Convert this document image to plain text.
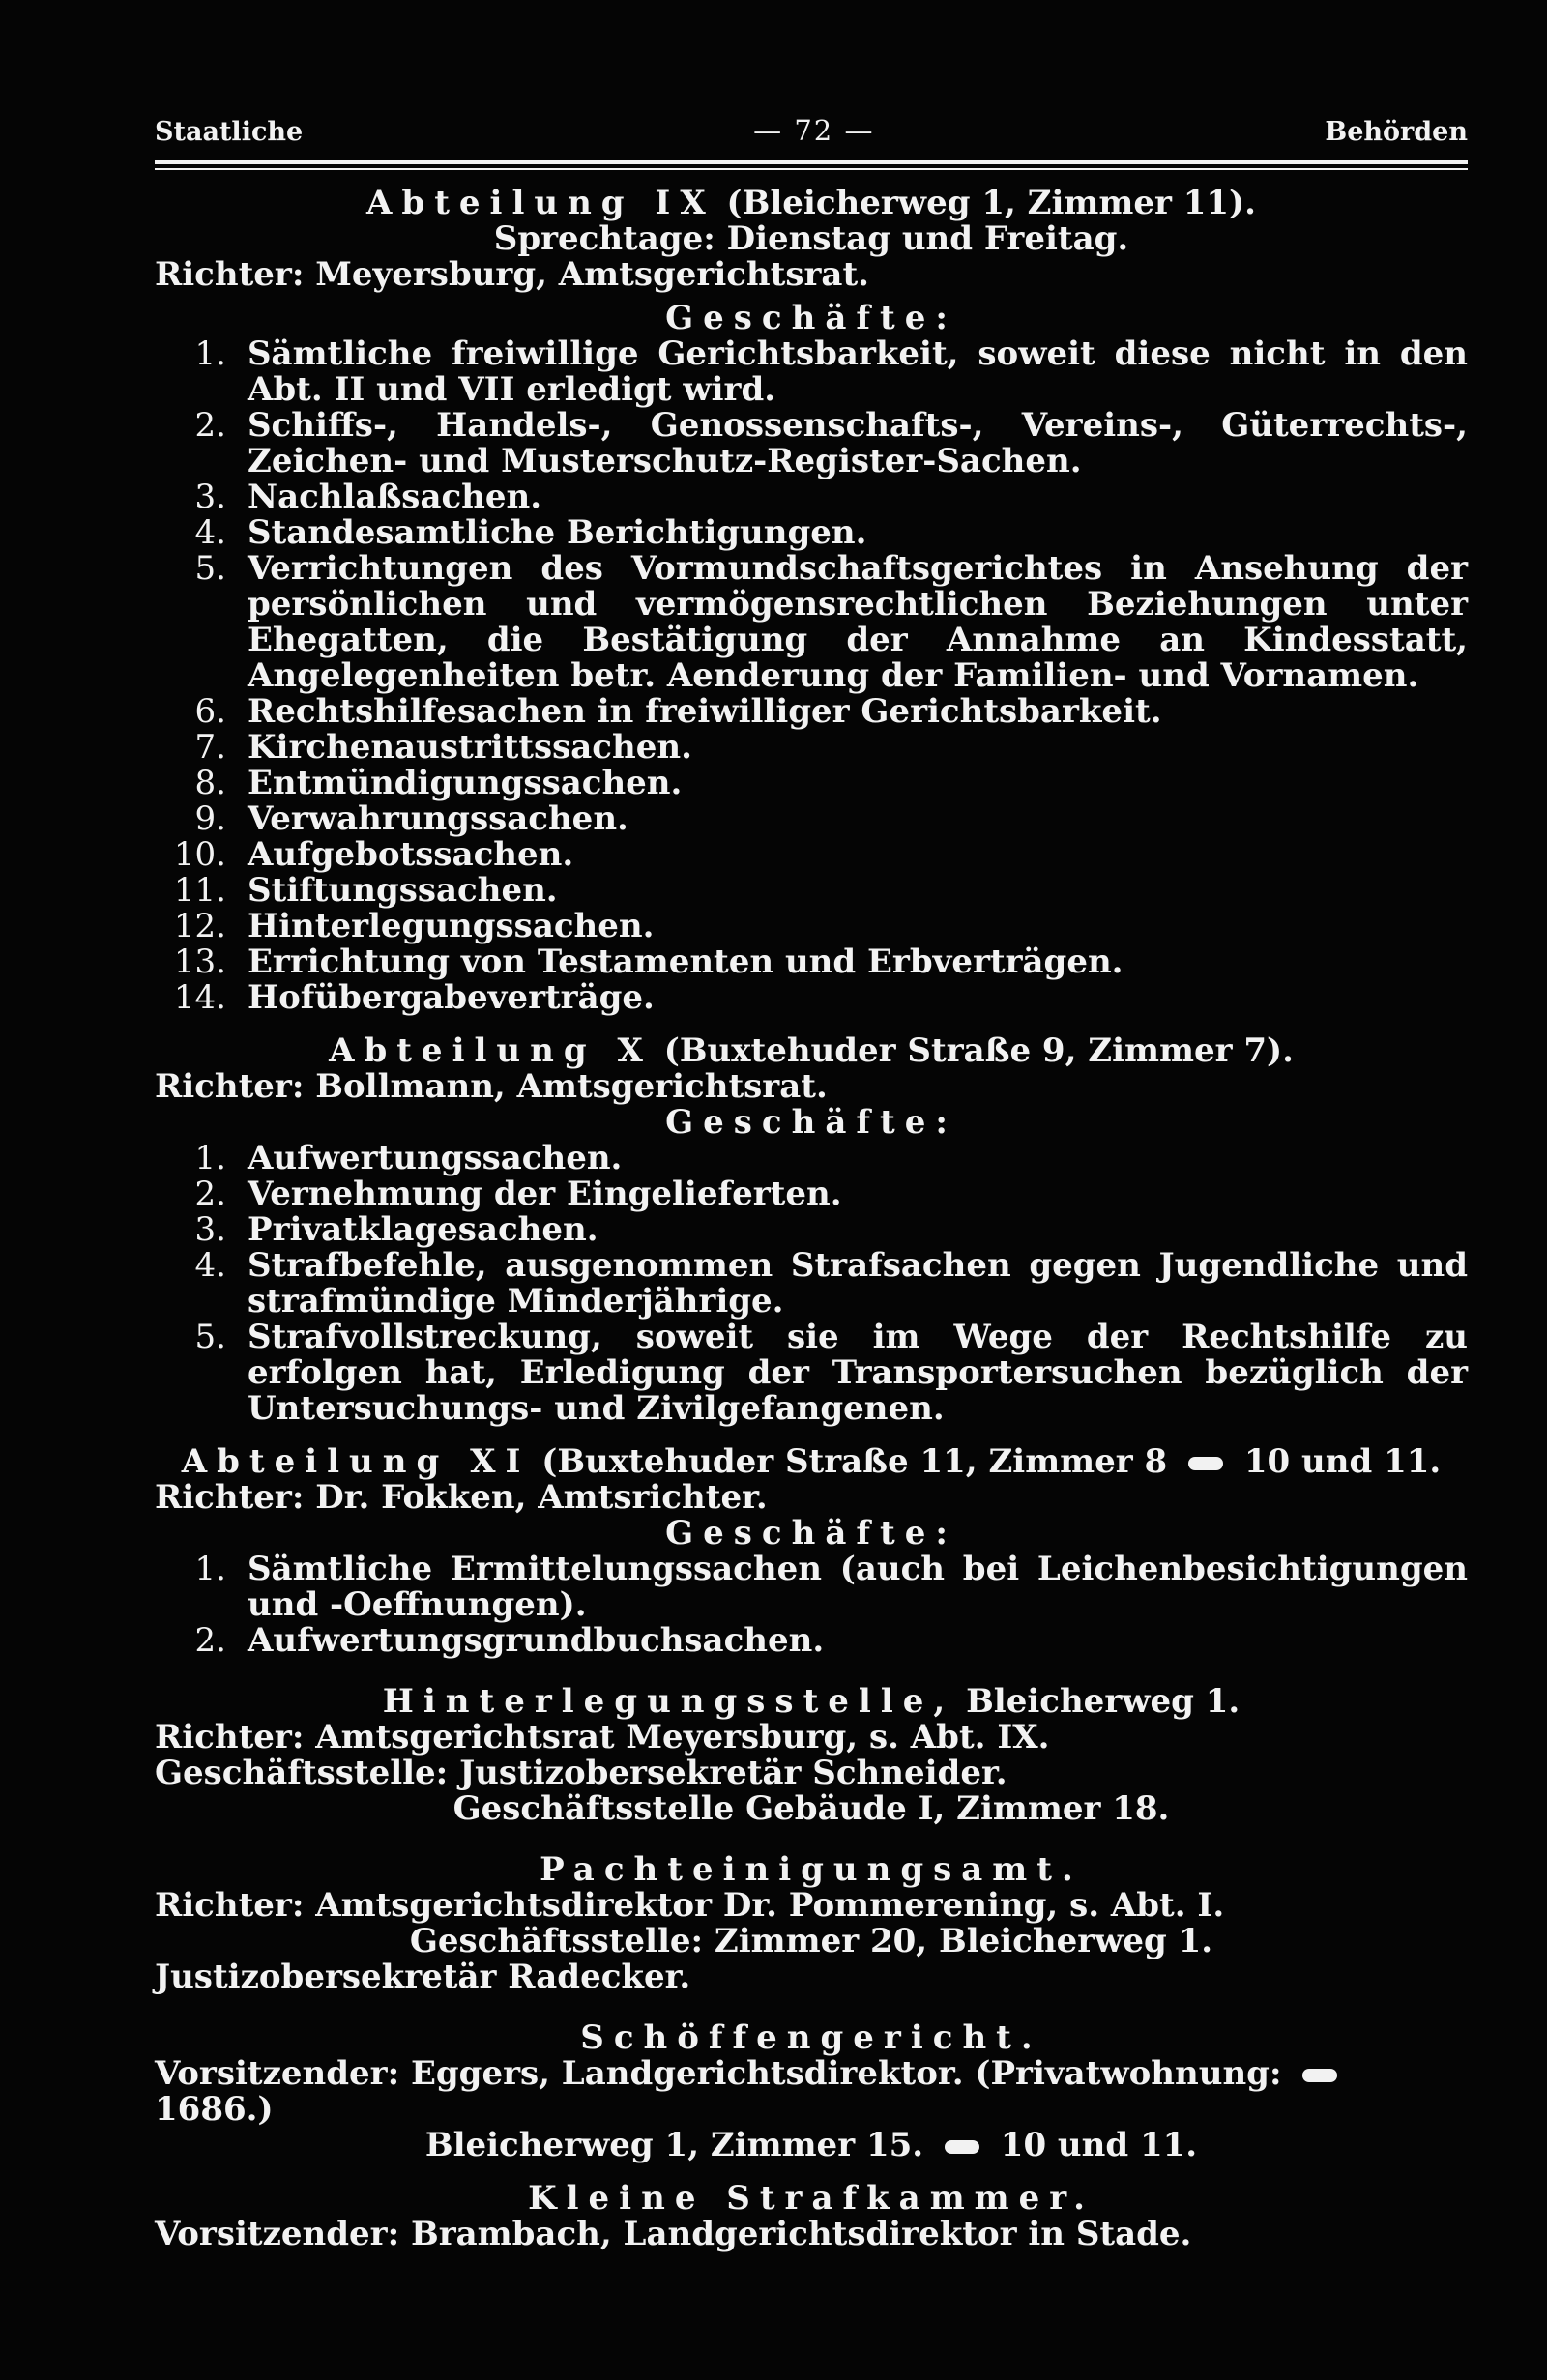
Staatliche	— 72 —	Behörden
Abteilung IX (Bleicherweg 1, Zimmer 11).
Sprechtage: Dienstag und Freitag.
Richter: Meyersburg, Amtsgerichtsrat.
Geschäfte:
1. Sämtliche freiwillige Gerichtsbarkeit, soweit diese nicht in den Abt. II und VII erledigt wird.
2. Schiffs-, Handels-, Genossenschafts-, Vereins-, Güterrechts-, Zeichen- und Musterschutz-Register-Sachen.
3. Nachlaßsachen.
4. Standesamtliche Berichtigungen.
5. Verrichtungen des Vormundschaftsgerichtes in Ansehung der persönlichen und vermögensrechtlichen Beziehungen unter Ehegatten, die Bestätigung der Annahme an Kindesstatt, Angelegenheiten betr. Aenderung der Familien- und Vornamen.
6. Rechtshilfesachen in freiwilliger Gerichtsbarkeit.
7. Kirchenaustrittssachen.
8. Entmündigungssachen.
9. Verwahrungssachen.
10. Aufgebotssachen.
11. Stiftungssachen.
12. Hinterlegungssachen.
13. Errichtung von Testamenten und Erbverträgen.
14. Hofübergabeverträge.
Abteilung X (Buxtehuder Straße 9, Zimmer 7).
Richter: Bollmann, Amtsgerichtsrat.
Geschäfte:
1. Aufwertungssachen.
2. Vernehmung der Eingelieferten.
3. Privatklagesachen.
4. Strafbefehle, ausgenommen Strafsachen gegen Jugendliche und strafmündige Minderjährige.
5. Strafvollstreckung, soweit sie im Wege der Rechtshilfe zu erfolgen hat, Erledigung der Transportersuchen bezüglich der Untersuchungs- und Zivilgefangenen.
Abteilung XI (Buxtehuder Straße 11, Zimmer 8 10 und 11.
Richter: Dr. Fokken, Amtsrichter.
Geschäfte:
1. Sämtliche Ermittelungssachen (auch bei Leichenbesichtigungen und -Oeffnungen).
2. Aufwertungsgrundbuchsachen.
Hinterlegungsstelle, Bleicherweg 1.
Richter: Amtsgerichtsrat Meyersburg, s. Abt. IX.
Geschäftsstelle: Justizobersekretär Schneider.
Geschäftsstelle Gebäude I, Zimmer 18.
Pachteinigungsamt.
Richter: Amtsgerichtsdirektor Dr. Pommerening, s. Abt. I.
Geschäftsstelle: Zimmer 20, Bleicherweg 1.
Justizobersekretär Radecker.
Schöffengericht.
Vorsitzender: Eggers, Landgerichtsdirektor. (Privatwohnung:  1686.)
Bleicherweg 1, Zimmer 15. 10 und 11.
Kleine Strafkammer.
Vorsitzender: Brambach, Landgerichtsdirektor in Stade.
